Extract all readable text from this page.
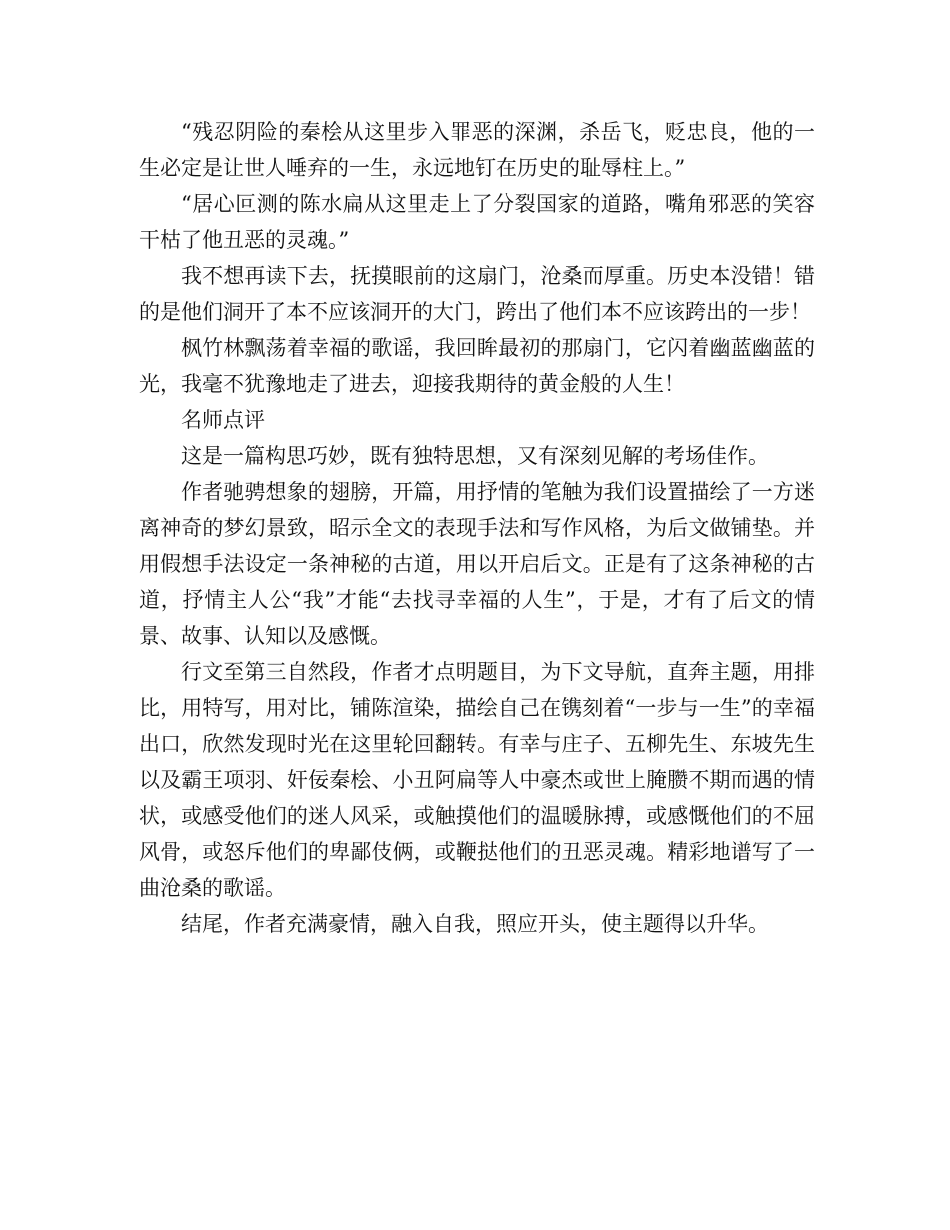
“残忍阴险的秦桧从这里步入罪恶的深渊，杀岳飞，贬忠良，他的一生必定是让世人唾弃的一生，永远地钉在历史的耻辱柱上。”

“居心叵测的陈水扁从这里走上了分裂国家的道路，嘴角邪恶的笑容干枯了他丑恶的灵魂。”

我不想再读下去，抚摸眼前的这扇门，沧桑而厚重。历史本没错！错的是他们洞开了本不应该洞开的大门，跨出了他们本不应该跨出的一步！

枫竹林飘荡着幸福的歌谣，我回眸最初的那扇门，它闪着幽蓝幽蓝的光，我毫不犹豫地走了进去，迎接我期待的黄金般的人生！

名师点评

这是一篇构思巧妙，既有独特思想，又有深刻见解的考场佳作。

作者驰骋想象的翅膀，开篇，用抒情的笔触为我们设置描绘了一方迷离神奇的梦幻景致，昭示全文的表现手法和写作风格，为后文做铺垫。并用假想手法设定一条神秘的古道，用以开启后文。正是有了这条神秘的古道，抒情主人公“我”才能“去找寻幸福的人生”，于是，才有了后文的情景、故事、认知以及感慨。

行文至第三自然段，作者才点明题目，为下文导航，直奔主题，用排比，用特写，用对比，铺陈渲染，描绘自己在镌刻着“一步与一生”的幸福出口，欣然发现时光在这里轮回翻转。有幸与庄子、五柳先生、东坡先生以及霸王项羽、奸佞秦桧、小丑阿扁等人中豪杰或世上腌臜不期而遇的情状，或感受他们的迷人风采，或触摸他们的温暖脉搏，或感慨他们的不屈风骨，或怒斥他们的卑鄙伎俩，或鞭挞他们的丑恶灵魂。精彩地谱写了一曲沧桑的歌谣。

结尾，作者充满豪情，融入自我，照应开头，使主题得以升华。
